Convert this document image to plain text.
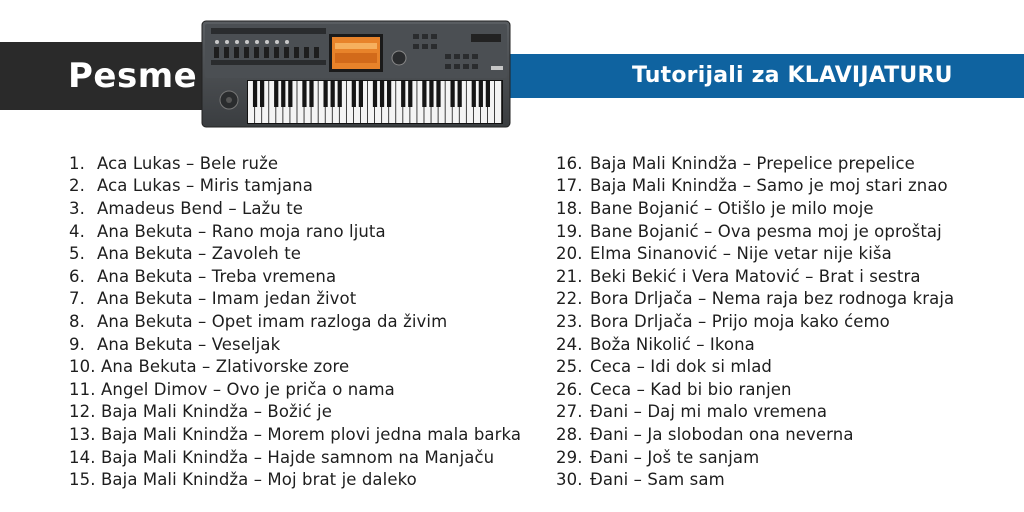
Pesme	Tutorijali za KLAVIJATURU
1. Aca Lukas – Bele ruže
2. Aca Lukas – Miris tamjana
3. Amadeus Bend – Lažu te
4. Ana Bekuta – Rano moja rano ljuta
5. Ana Bekuta – Zavoleh te
6. Ana Bekuta – Treba vremena
7. Ana Bekuta – Imam jedan život
8. Ana Bekuta – Opet imam razloga da živim
9. Ana Bekuta – Veseljak
10. Ana Bekuta – Zlativorske zore
11. Angel Dimov – Ovo je priča o nama
12. Baja Mali Knindža – Božić je
13. Baja Mali Knindža – Morem plovi jedna mala barka
14. Baja Mali Knindža – Hajde samnom na Manjaču
15. Baja Mali Knindža – Moj brat je daleko
16. Baja Mali Knindža – Prepelice prepelice
17. Baja Mali Knindža – Samo je moj stari znao
18. Bane Bojanić – Otišlo je milo moje
19. Bane Bojanić – Ova pesma moj je oproštaj
20. Elma Sinanović – Nije vetar nije kiša
21. Beki Bekić i Vera Matović – Brat i sestra
22. Bora Drljača – Nema raja bez rodnoga kraja
23. Bora Drljača – Prijo moja kako ćemo
24. Boža Nikolić – Ikona
25. Ceca – Idi dok si mlad
26. Ceca – Kad bi bio ranjen
27. Đani – Daj mi malo vremena
28. Đani – Ja slobodan ona neverna
29. Đani – Još te sanjam
30. Đani – Sam sam
